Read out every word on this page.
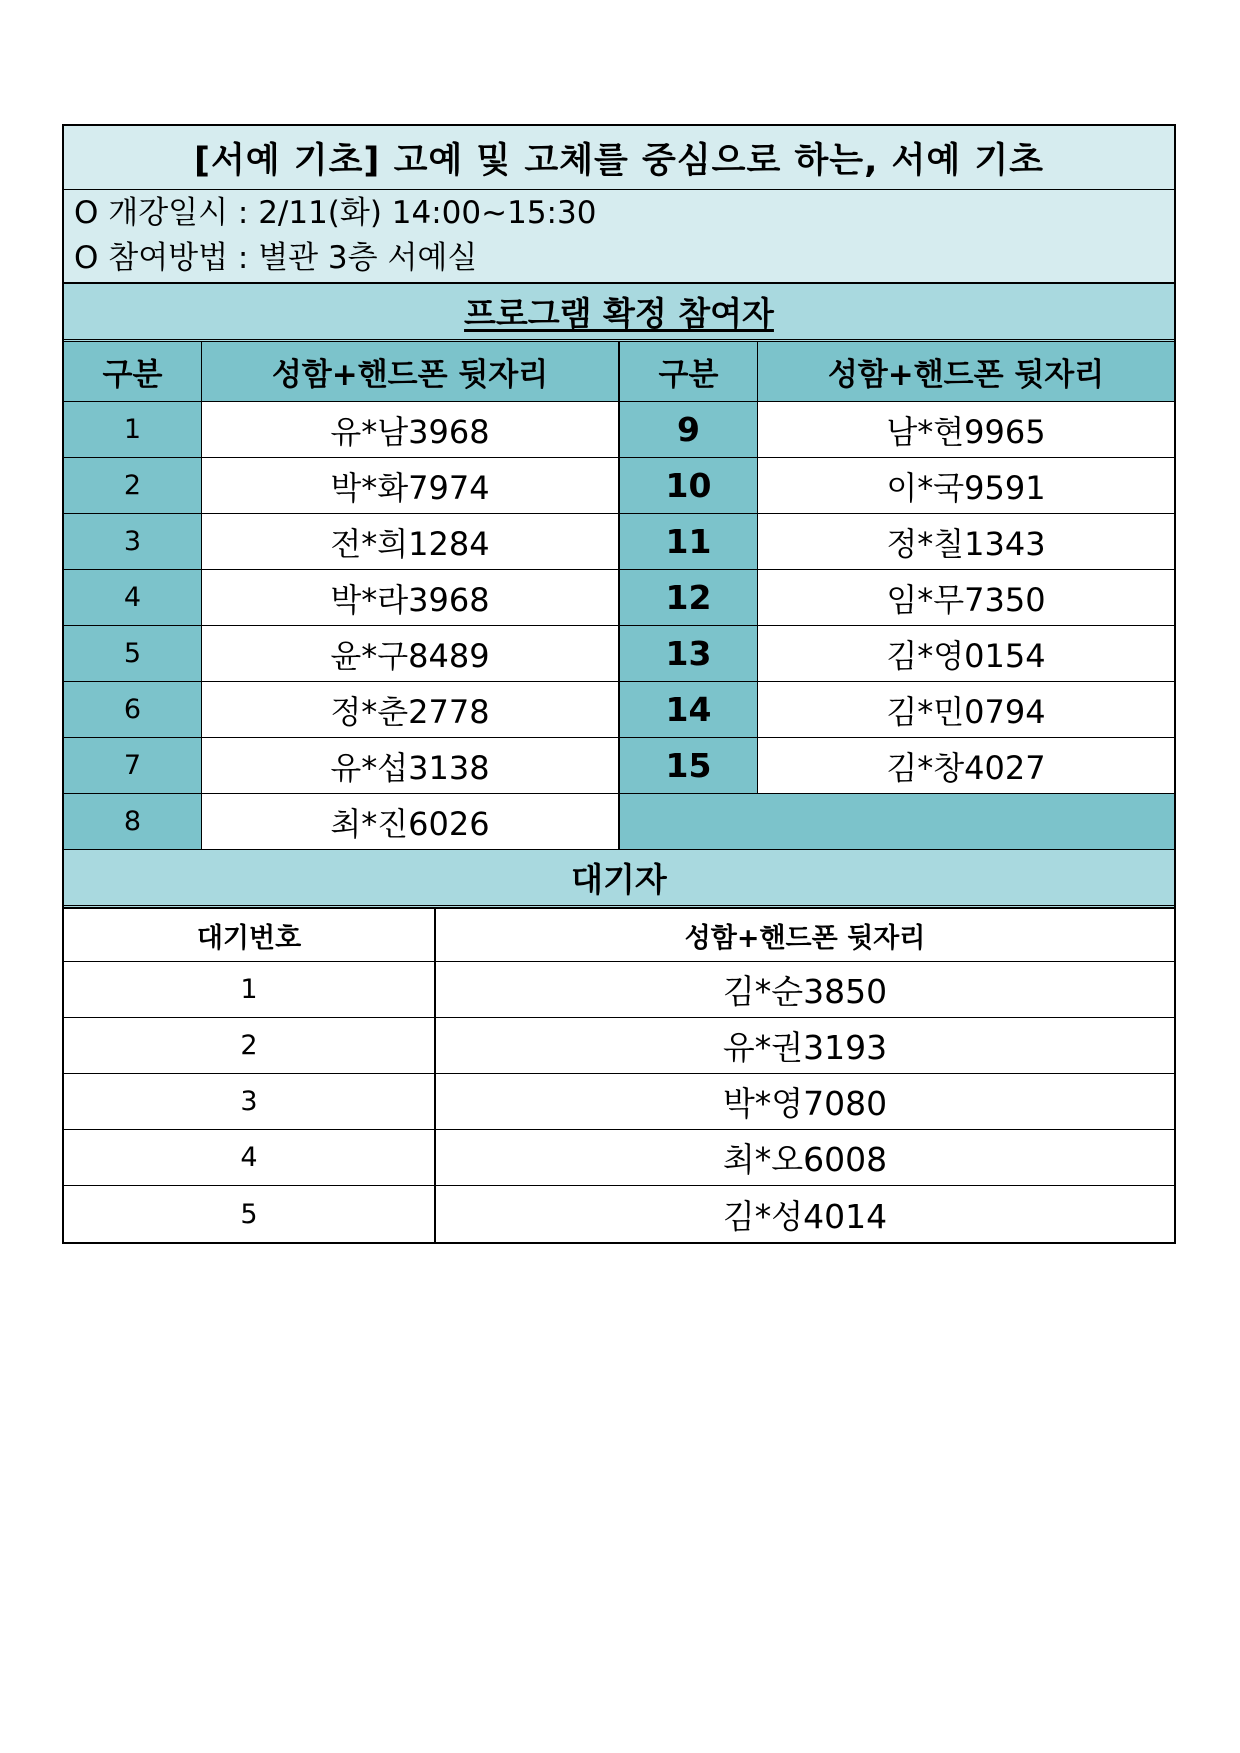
[서예 기초] 고예 및 고체를 중심으로 하는, 서예 기초
O 개강일시 : 2/11(화) 14:00~15:30
O 참여방법 : 별관 3층 서예실
프로그램 확정 참여자
구분	성함+핸드폰 뒷자리	구분	성함+핸드폰 뒷자리
1	유*남3968	9	남*현9965
2	박*화7974	10	이*국9591
3	전*희1284	11	정*칠1343
4	박*라3968	12	임*무7350
5	윤*구8489	13	김*영0154
6	정*춘2778	14	김*민0794
7	유*섭3138	15	김*창4027
8	최*진6026
대기자
대기번호	성함+핸드폰 뒷자리
1	김*순3850
2	유*권3193
3	박*영7080
4	최*오6008
5	김*성4014
